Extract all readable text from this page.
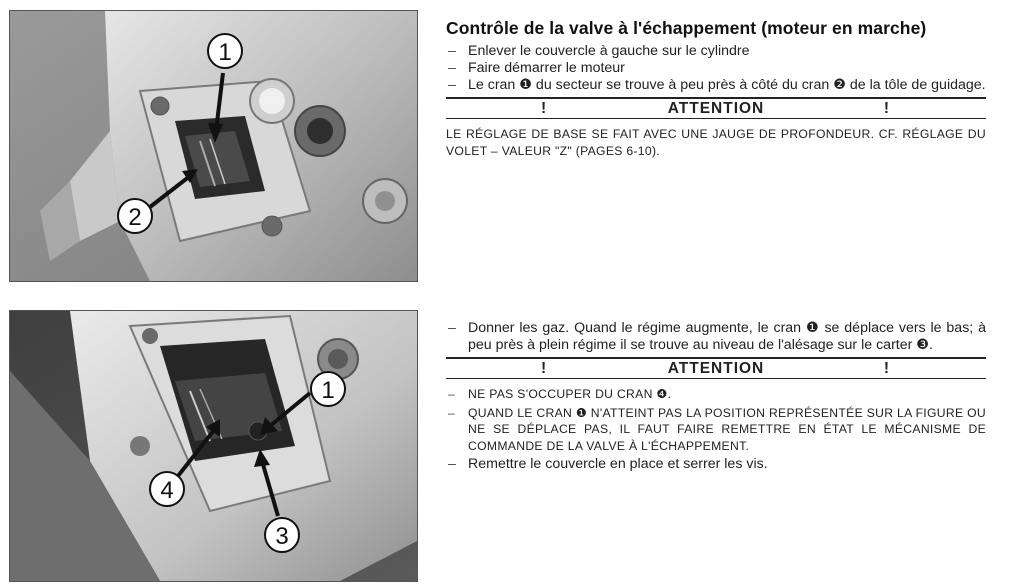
1
2
1
4
3
Contrôle de la valve à l'échappement (moteur en marche)
– Enlever le couvercle à gauche sur le cylindre
– Faire démarrer le moteur
– Le cran ❶ du secteur se trouve à peu près à côté du cran ❷ de la tôle de guidage.
!	ATTENTION	!
LE RÉGLAGE DE BASE SE FAIT AVEC UNE JAUGE DE PROFONDEUR. CF. RÉGLAGE DU VOLET – VALEUR "Z" (PAGES 6-10).
– Donner les gaz. Quand le régime augmente, le cran ❶ se déplace vers le bas; à peu près à plein régime il se trouve au niveau de l'alésage sur le carter ❸.
!	ATTENTION	!
– NE PAS S'OCCUPER DU CRAN ❹.
– QUAND LE CRAN ❶ N'ATTEINT PAS LA POSITION REPRÉSENTÉE SUR LA FIGURE OU NE SE DÉPLACE PAS, IL FAUT FAIRE REMETTRE EN ÉTAT LE MÉCANISME DE COMMANDE DE LA VALVE À L'ÉCHAPPEMENT.
– Remettre le couvercle en place et serrer les vis.
